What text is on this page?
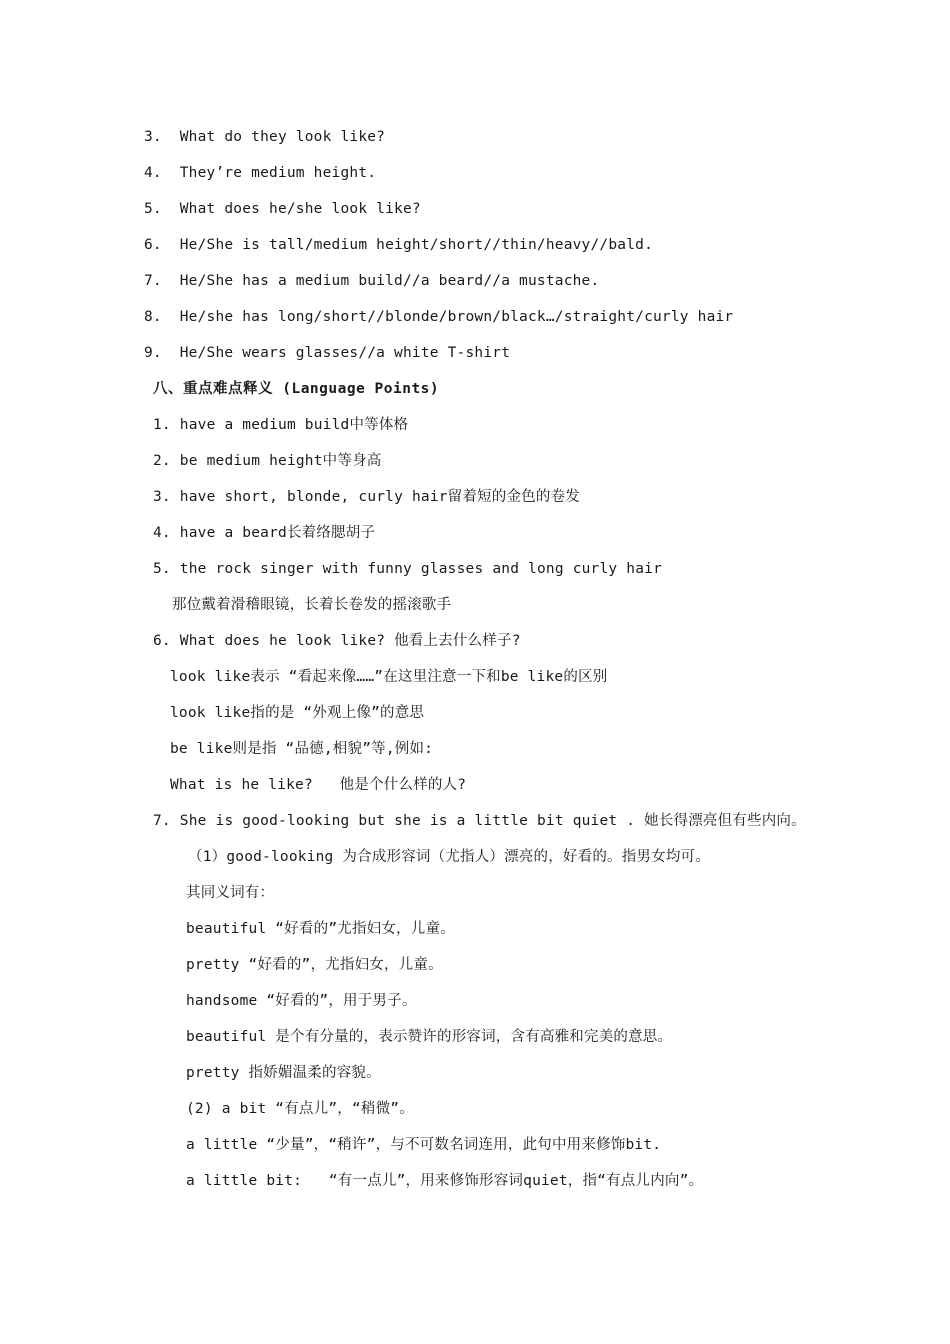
3.  What do they look like?
4.  They’re medium height.
5.  What does he/she look like?
6.  He/She is tall/medium height/short//thin/heavy//bald.
7.  He/She has a medium build//a beard//a mustache.
8.  He/she has long/short//blonde/brown/black…/straight/curly hair
9.  He/She wears glasses//a white T-shirt
八、重点难点释义 (Language Points)
1. have a medium build中等体格
2. be medium height中等身高
3. have short, blonde, curly hair留着短的金色的卷发
4. have a beard长着络腮胡子
5. the rock singer with funny glasses and long curly hair
那位戴着滑稽眼镜，长着长卷发的摇滚歌手
6. What does he look like? 他看上去什么样子?
look like表示 “看起来像……”在这里注意一下和be like的区别
look like指的是 “外观上像”的意思
be like则是指 “品德,相貌”等,例如:
What is he like?   他是个什么样的人?
7. She is good-looking but she is a little bit quiet . 她长得漂亮但有些内向。
（1）good-looking 为合成形容词（尤指人）漂亮的，好看的。指男女均可。
其同义词有：
beautiful “好看的”尤指妇女，儿童。
pretty “好看的”，尤指妇女，儿童。
handsome “好看的”，用于男子。
beautiful 是个有分量的，表示赞许的形容词，含有高雅和完美的意思。
pretty 指娇媚温柔的容貌。
(2) a bit “有点儿”，“稍微”。
a little “少量”，“稍许”，与不可数名词连用，此句中用来修饰bit.
a little bit:   “有一点儿”，用来修饰形容词quiet，指“有点儿内向”。
